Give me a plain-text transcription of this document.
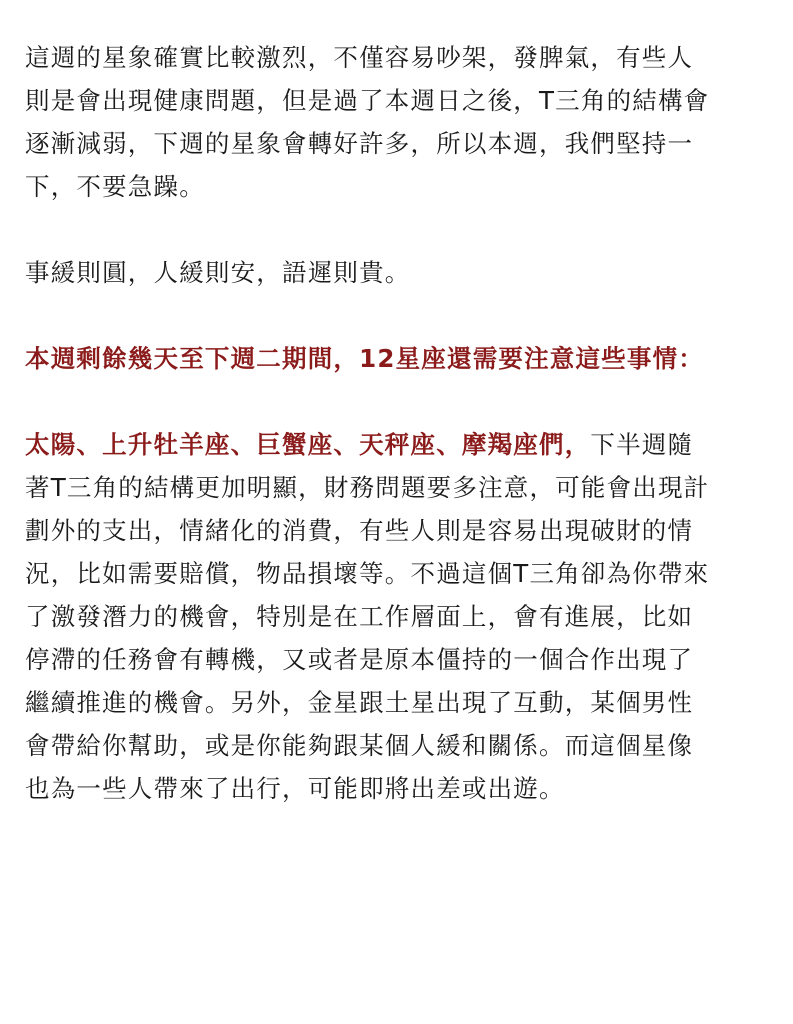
這週的星象確實比較激烈，不僅容易吵架，發脾氣，有些人
則是會出現健康問題，但是過了本週日之後，T三角的結構會
逐漸減弱，下週的星象會轉好許多，所以本週，我們堅持一
下，不要急躁。

事緩則圓，人緩則安，語遲則貴。

本週剩餘幾天至下週二期間，12星座還需要注意這些事情：

太陽、上升牡羊座、巨蟹座、天秤座、摩羯座們，下半週隨
著T三角的結構更加明顯，財務問題要多注意，可能會出現計
劃外的支出，情緒化的消費，有些人則是容易出現破財的情
況，比如需要賠償，物品損壞等。不過這個T三角卻為你帶來
了激發潛力的機會，特別是在工作層面上，會有進展，比如
停滯的任務會有轉機，又或者是原本僵持的一個合作出現了
繼續推進的機會。另外，金星跟土星出現了互動，某個男性
會帶給你幫助，或是你能夠跟某個人緩和關係。而這個星像
也為一些人帶來了出行，可能即將出差或出遊。
